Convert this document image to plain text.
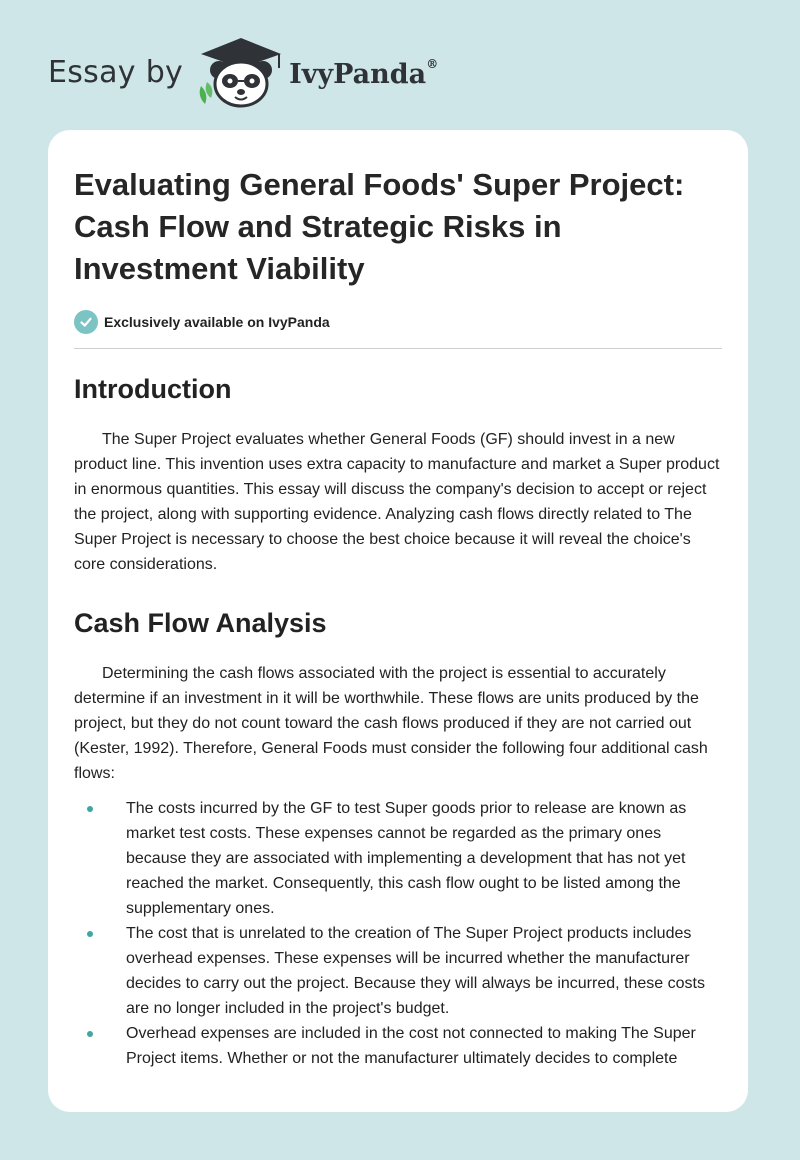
Essay by	IvyPanda®
Evaluating General Foods' Super Project: Cash Flow and Strategic Risks in Investment Viability
Exclusively available on IvyPanda
Introduction

The Super Project evaluates whether General Foods (GF) should invest in a new product line. This invention uses extra capacity to manufacture and market a Super product in enormous quantities. This essay will discuss the company's decision to accept or reject the project, along with supporting evidence. Analyzing cash flows directly related to The Super Project is necessary to choose the best choice because it will reveal the choice's core considerations.

Cash Flow Analysis

Determining the cash flows associated with the project is essential to accurately determine if an investment in it will be worthwhile. These flows are units produced by the project, but they do not count toward the cash flows produced if they are not carried out (Kester, 1992). Therefore, General Foods must consider the following four additional cash flows:

The costs incurred by the GF to test Super goods prior to release are known as market test costs. These expenses cannot be regarded as the primary ones because they are associated with implementing a development that has not yet reached the market. Consequently, this cash flow ought to be listed among the supplementary ones.
The cost that is unrelated to the creation of The Super Project products includes overhead expenses. These expenses will be incurred whether the manufacturer decides to carry out the project. Because they will always be incurred, these costs are no longer included in the project's budget.
Overhead expenses are included in the cost not connected to making The Super Project items. Whether or not the manufacturer ultimately decides to complete
